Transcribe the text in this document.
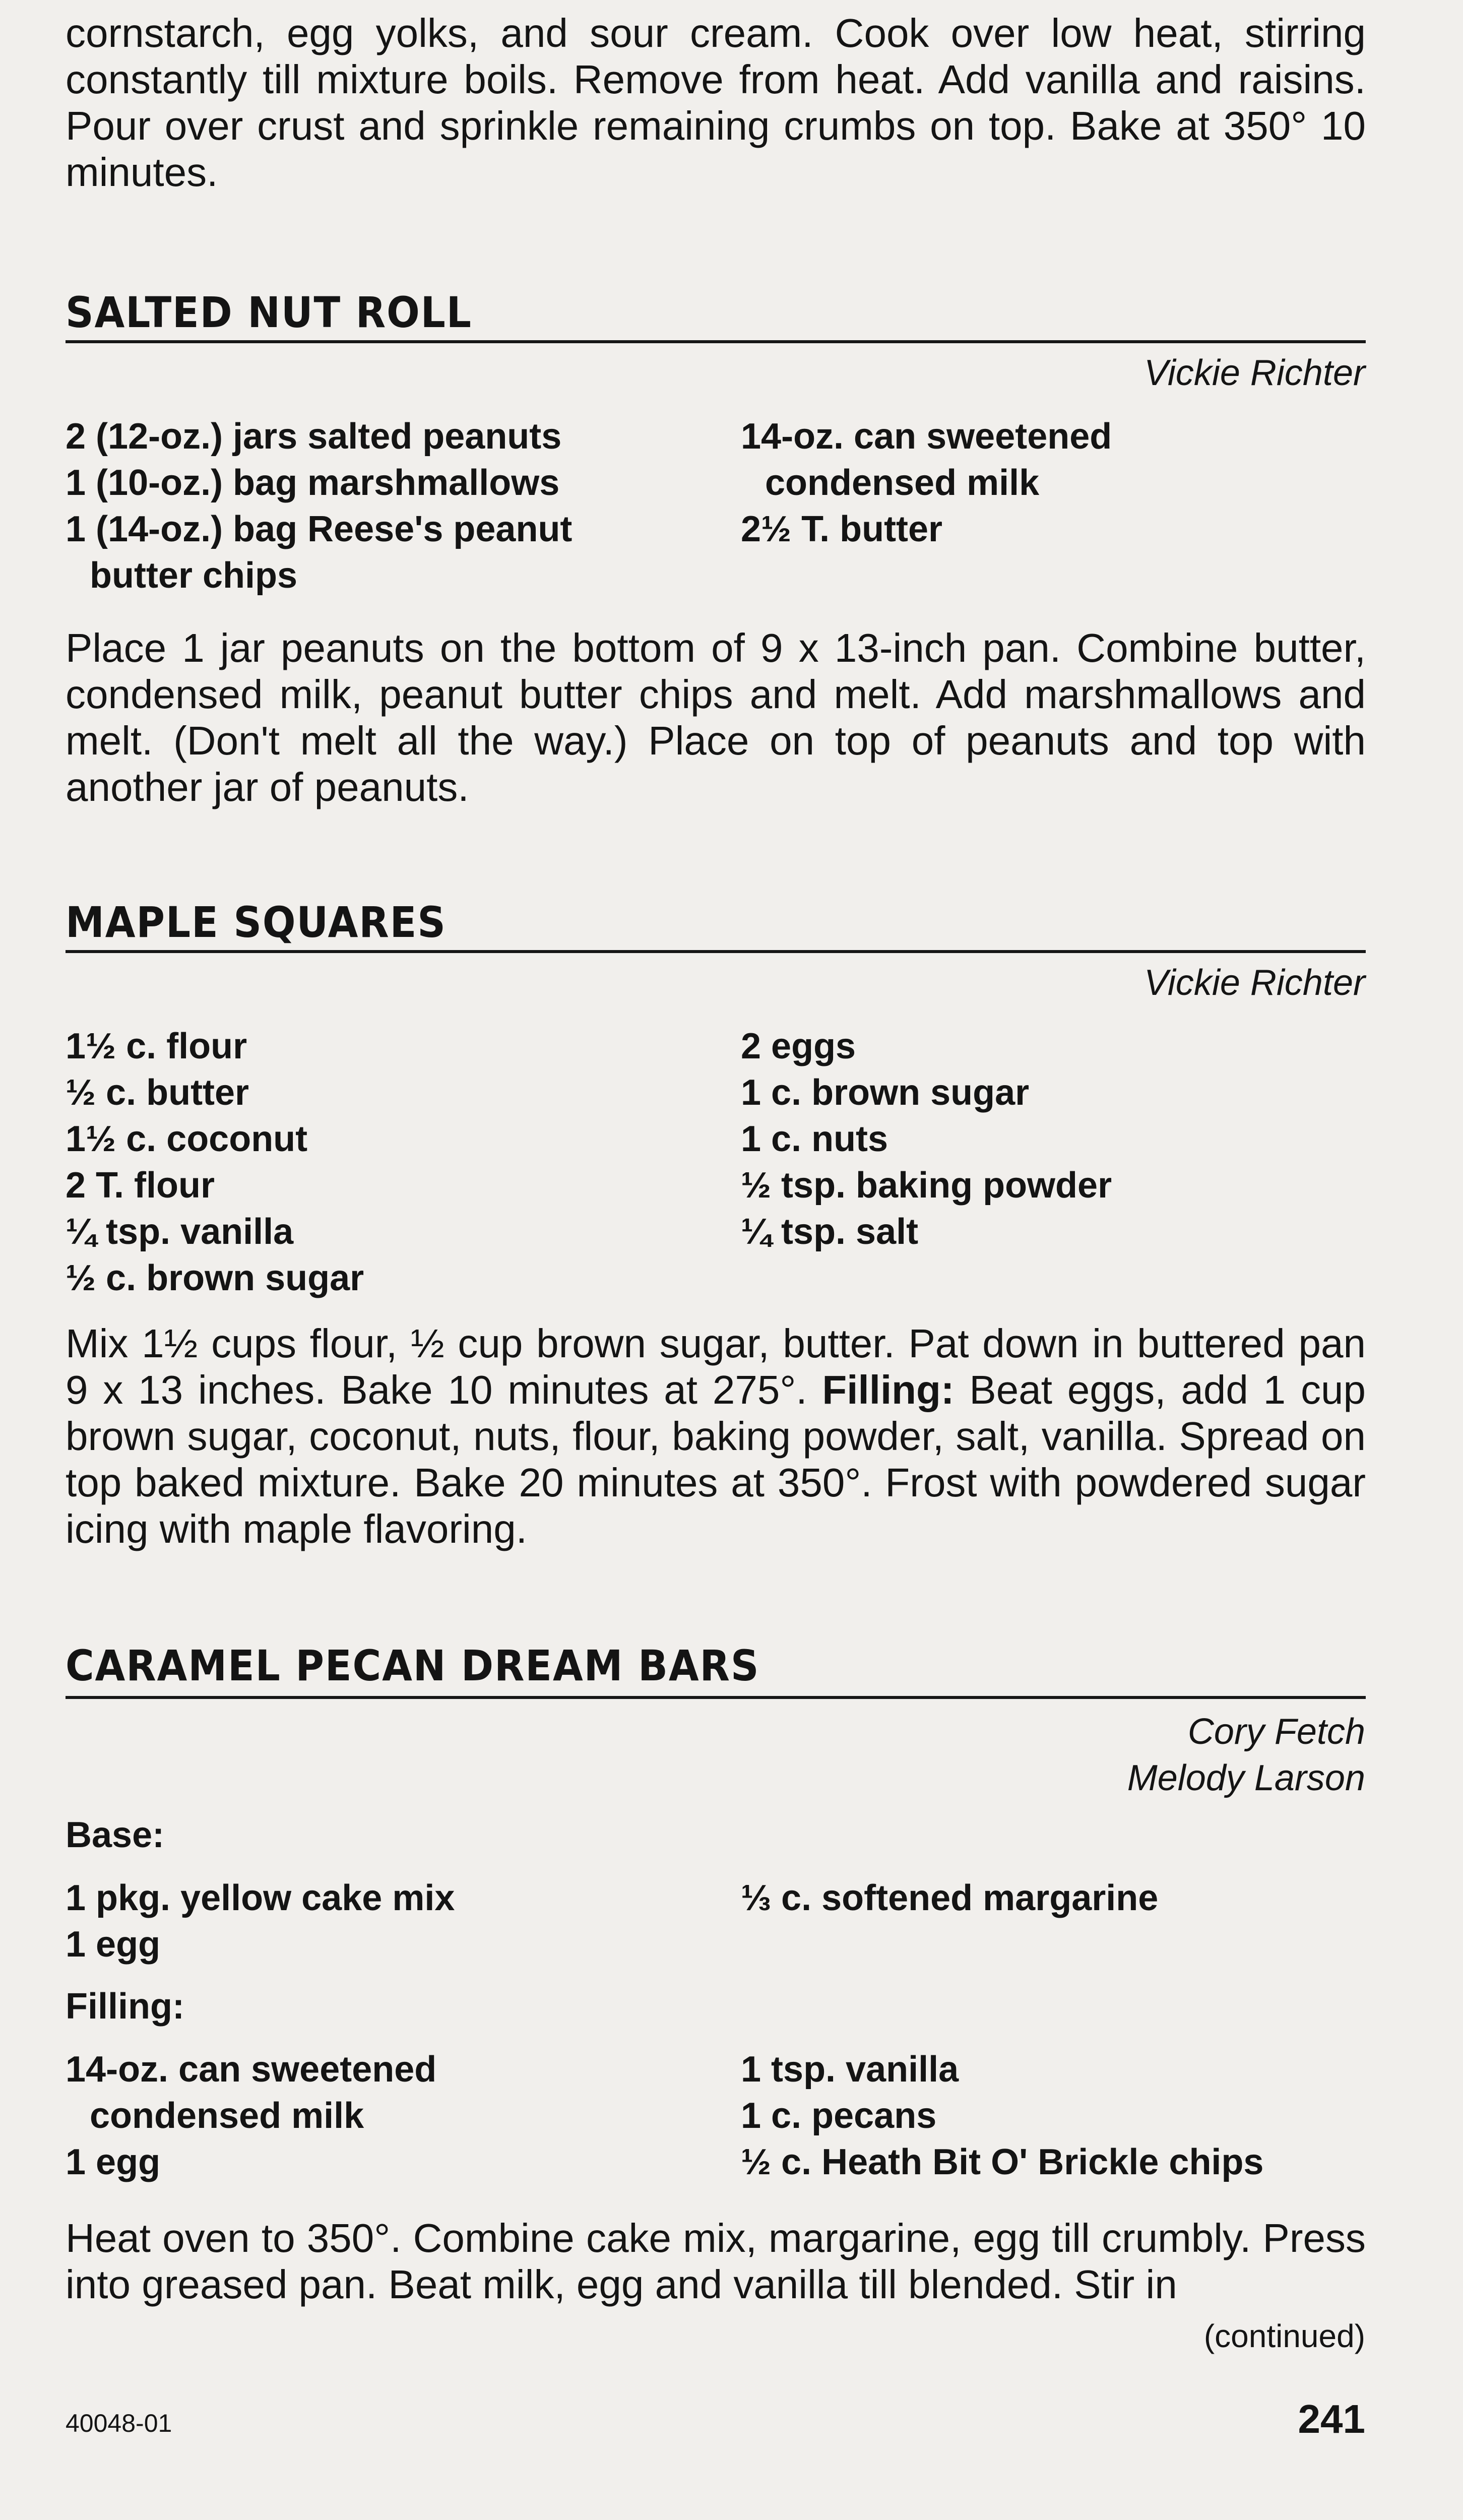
cornstarch, egg yolks, and sour cream. Cook over low heat, stirring constantly till mixture boils. Remove from heat. Add vanilla and raisins. Pour over crust and sprinkle remaining crumbs on top. Bake at 350° 10 minutes.

SALTED NUT ROLL
Vickie Richter
2 (12-oz.) jars salted peanuts
1 (10-oz.) bag marshmallows
1 (14-oz.) bag Reese's peanut
butter chips
14-oz. can sweetened
condensed milk
2½ T. butter

Place 1 jar peanuts on the bottom of 9 x 13-inch pan. Combine butter, condensed milk, peanut butter chips and melt. Add marshmallows and melt. (Don't melt all the way.) Place on top of peanuts and top with another jar of peanuts.

MAPLE SQUARES
Vickie Richter
1½ c. flour
½ c. butter
1½ c. coconut
2 T. flour
¼ tsp. vanilla
½ c. brown sugar
2 eggs
1 c. brown sugar
1 c. nuts
½ tsp. baking powder
¼ tsp. salt

Mix 1½ cups flour, ½ cup brown sugar, butter. Pat down in buttered pan 9 x 13 inches. Bake 10 minutes at 275°. Filling: Beat eggs, add 1 cup brown sugar, coconut, nuts, flour, baking powder, salt, vanilla. Spread on top baked mixture. Bake 20 minutes at 350°. Frost with powdered sugar icing with maple flavoring.

CARAMEL PECAN DREAM BARS
Cory Fetch
Melody Larson
Base:
1 pkg. yellow cake mix
1 egg
⅓ c. softened margarine
Filling:
14-oz. can sweetened
condensed milk
1 egg
1 tsp. vanilla
1 c. pecans
½ c. Heath Bit O' Brickle chips

Heat oven to 350°. Combine cake mix, margarine, egg till crumbly. Press into greased pan. Beat milk, egg and vanilla till blended. Stir in

(continued)
40048-01	241
